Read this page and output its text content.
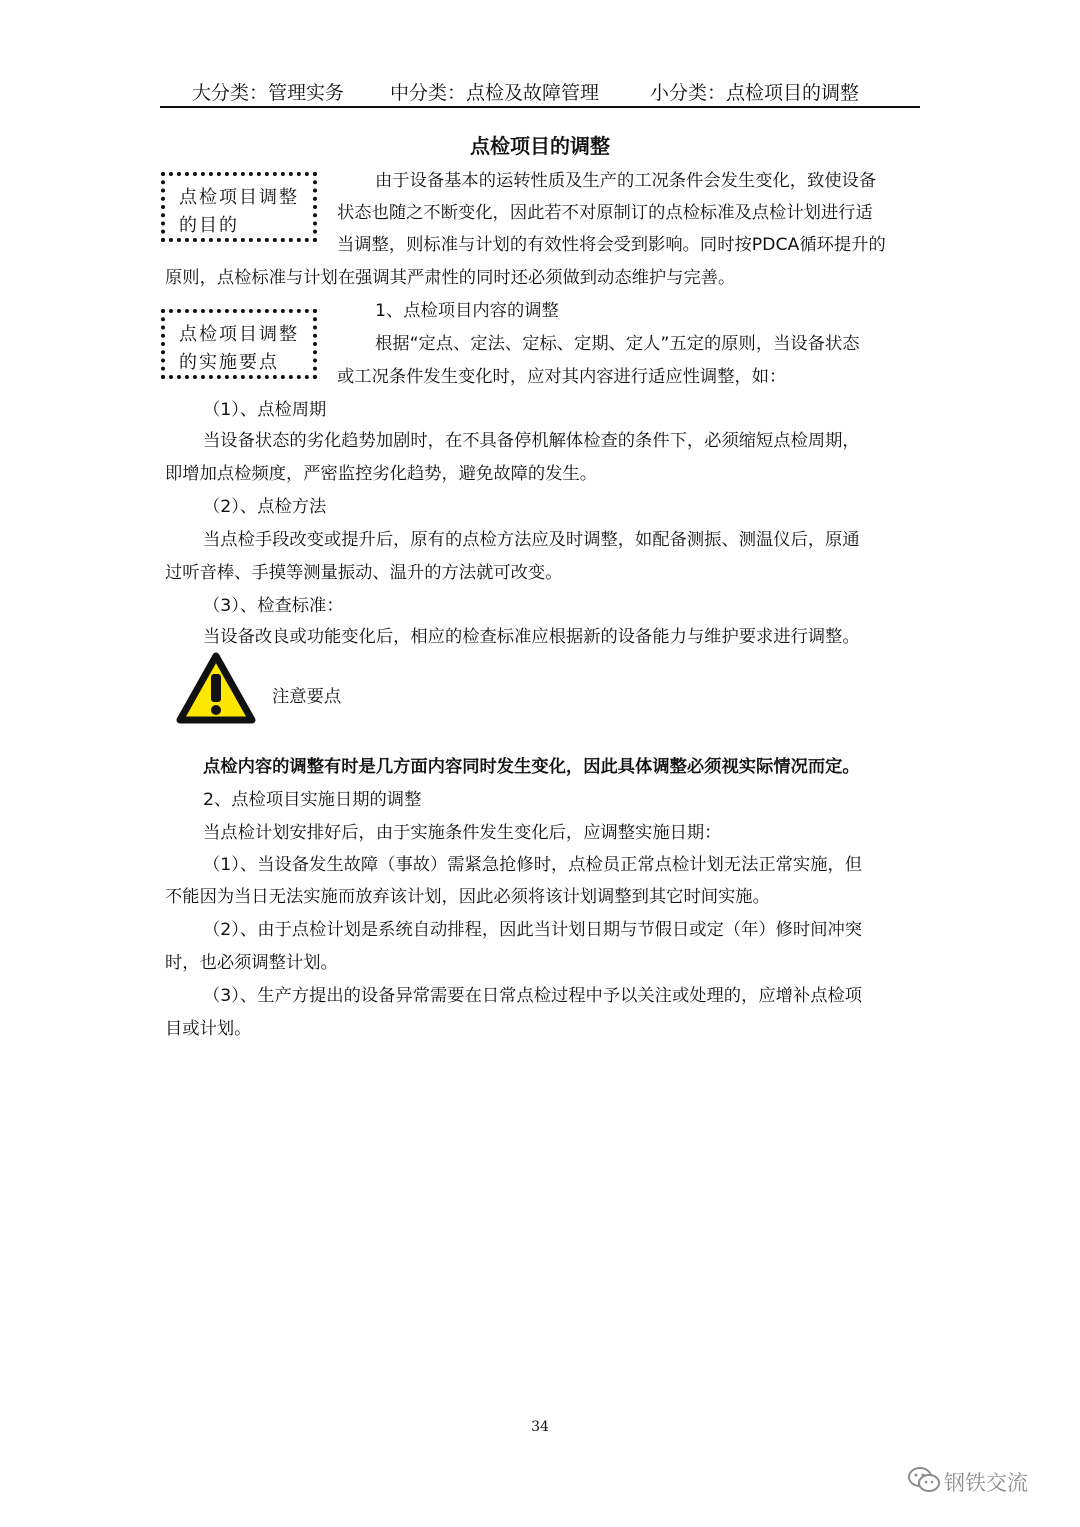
大分类：管理实务 中分类：点检及故障管理	小分类：点检项目的调整
点检项目的调整
点检项目调整
的目的
点检项目调整
的实施要点
由于设备基本的运转性质及生产的工况条件会发生变化，致使设备
状态也随之不断变化，因此若不对原制订的点检标准及点检计划进行适
当调整，则标准与计划的有效性将会受到影响。同时按PDCA循环提升的
原则，点检标准与计划在强调其严肃性的同时还必须做到动态维护与完善。
1、点检项目内容的调整
根据“定点、定法、定标、定期、定人”五定的原则，当设备状态
或工况条件发生变化时，应对其内容进行适应性调整，如：
（1）、点检周期
当设备状态的劣化趋势加剧时，在不具备停机解体检查的条件下，必须缩短点检周期，
即增加点检频度，严密监控劣化趋势，避免故障的发生。
（2）、点检方法
当点检手段改变或提升后，原有的点检方法应及时调整，如配备测振、测温仪后，原通
过听音棒、手摸等测量振动、温升的方法就可改变。
（3）、检查标准：
当设备改良或功能变化后，相应的检查标准应根据新的设备能力与维护要求进行调整。
注意要点
点检内容的调整有时是几方面内容同时发生变化，因此具体调整必须视实际情况而定。
2、点检项目实施日期的调整
当点检计划安排好后，由于实施条件发生变化后，应调整实施日期：
（1）、当设备发生故障（事故）需紧急抢修时，点检员正常点检计划无法正常实施，但
不能因为当日无法实施而放弃该计划，因此必须将该计划调整到其它时间实施。
（2）、由于点检计划是系统自动排程，因此当计划日期与节假日或定（年）修时间冲突
时，也必须调整计划。
（3）、生产方提出的设备异常需要在日常点检过程中予以关注或处理的，应增补点检项
目或计划。
34
钢铁交流
